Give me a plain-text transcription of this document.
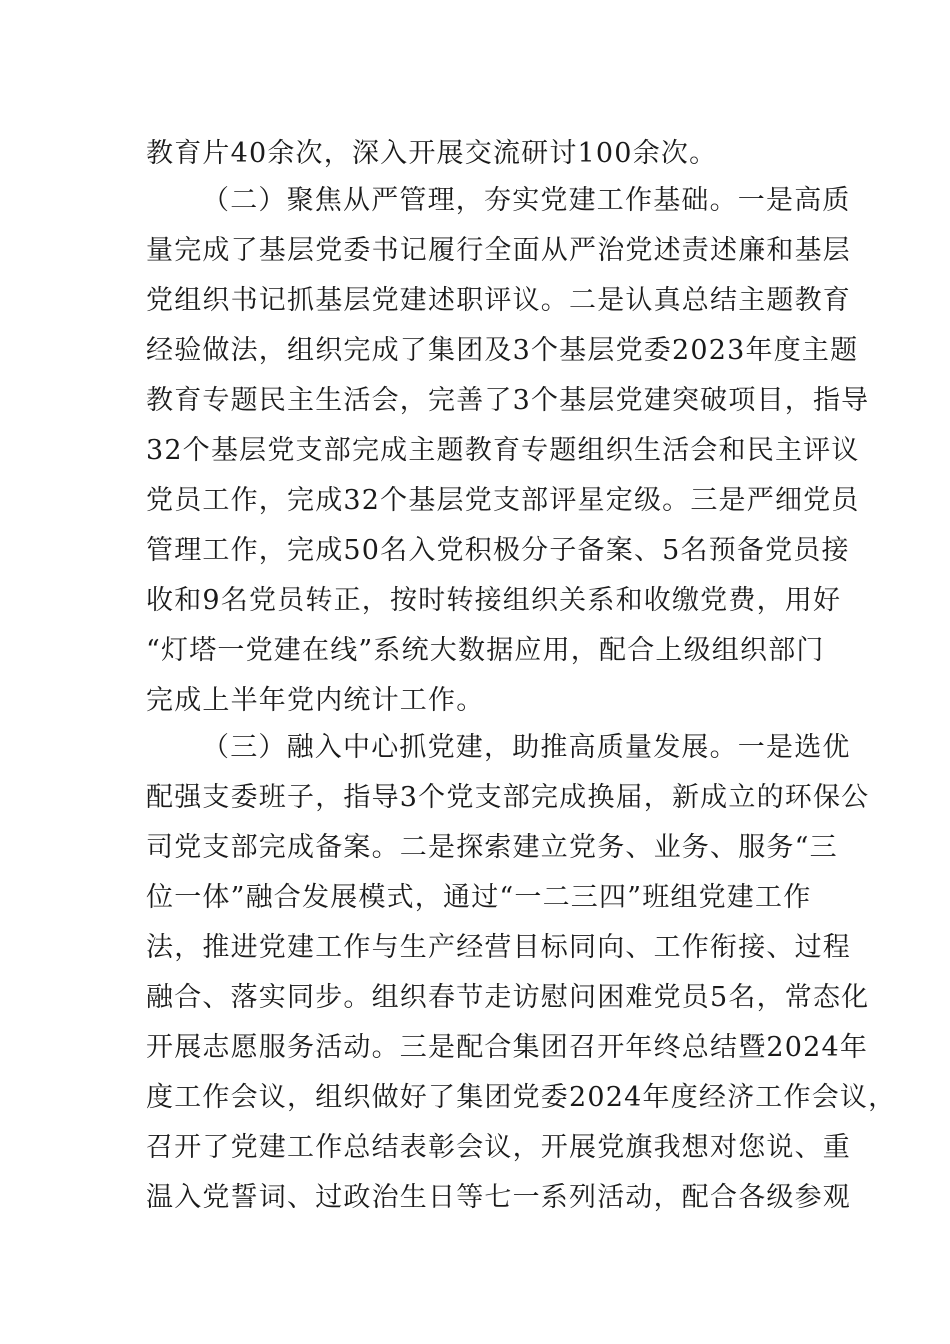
教育片40余次，深入开展交流研讨100余次。
（二）聚焦从严管理，夯实党建工作基础。一是高质
量完成了基层党委书记履行全面从严治党述责述廉和基层
党组织书记抓基层党建述职评议。二是认真总结主题教育
经验做法，组织完成了集团及3个基层党委2023年度主题
教育专题民主生活会，完善了3个基层党建突破项目，指导
32个基层党支部完成主题教育专题组织生活会和民主评议
党员工作，完成32个基层党支部评星定级。三是严细党员
管理工作，完成50名入党积极分子备案、5名预备党员接
收和9名党员转正，按时转接组织关系和收缴党费，用好
“灯塔一党建在线”系统大数据应用，配合上级组织部门
完成上半年党内统计工作。
（三）融入中心抓党建，助推高质量发展。一是选优
配强支委班子，指导3个党支部完成换届，新成立的环保公
司党支部完成备案。二是探索建立党务、业务、服务“三
位一体”融合发展模式，通过“一二三四”班组党建工作
法，推进党建工作与生产经营目标同向、工作衔接、过程
融合、落实同步。组织春节走访慰问困难党员5名，常态化
开展志愿服务活动。三是配合集团召开年终总结暨2024年
度工作会议，组织做好了集团党委2024年度经济工作会议，
召开了党建工作总结表彰会议，开展党旗我想对您说、重
温入党誓词、过政治生日等七一系列活动，配合各级参观
